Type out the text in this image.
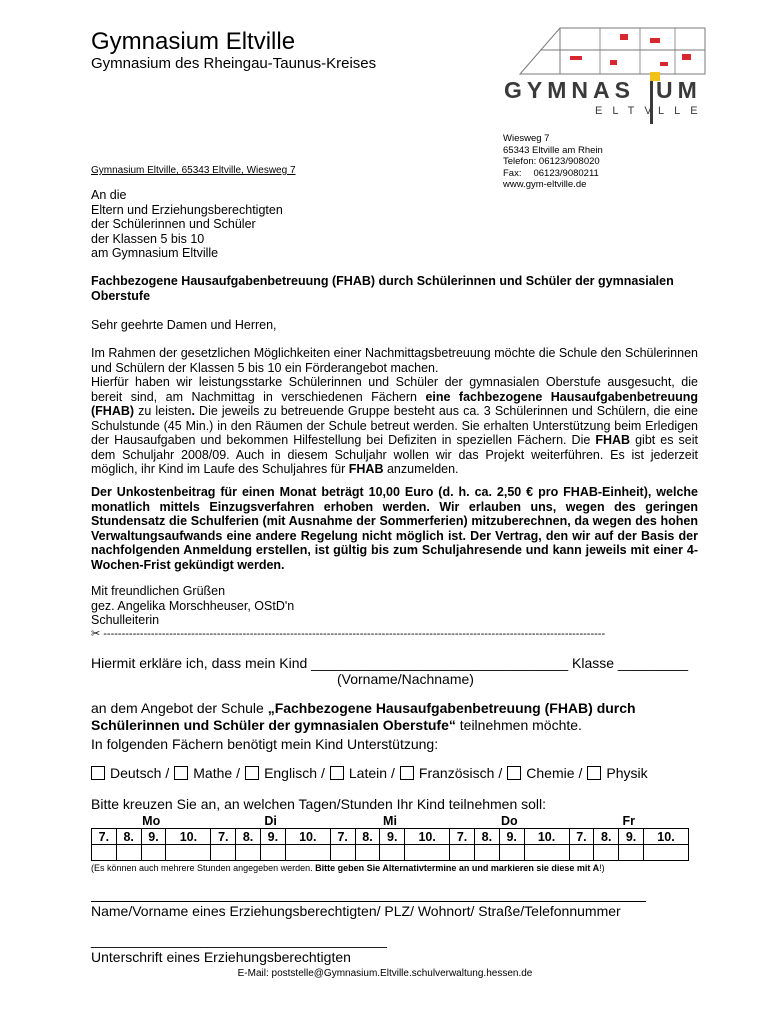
Gymnasium Eltville
Gymnasium des Rheingau-Taunus-Kreises
GYMNAS UM
ELTV
LLE
Gymnasium Eltville, 65343 Eltville, Wiesweg 7
Wiesweg 7
65343 Eltville am Rhein
Telefon: 06123/908020
Fax: 06123/9080211
www.gym-eltville.de
An die
Eltern und Erziehungsberechtigten
der Schülerinnen und Schüler
der Klassen 5 bis 10
am Gymnasium Eltville
Fachbezogene Hausaufgabenbetreuung (FHAB) durch Schülerinnen und Schüler der gymnasialen Oberstufe
Sehr geehrte Damen und Herren,

Im Rahmen der gesetzlichen Möglichkeiten einer Nachmittagsbetreuung möchte die Schule den Schülerinnen und Schülern der Klassen 5 bis 10 ein Förderangebot machen.

Hierfür haben wir leistungsstarke Schülerinnen und Schüler der gymnasialen Oberstufe ausgesucht, die bereit sind, am Nachmittag in verschiedenen Fächern eine fachbezogene Hausaufgabenbetreuung (FHAB) zu leisten. Die jeweils zu betreuende Gruppe besteht aus ca. 3 Schülerinnen und Schülern, die eine Schulstunde (45 Min.) in den Räumen der Schule betreut werden. Sie erhalten Unterstützung beim Erledigen der Hausaufgaben und bekommen Hilfestellung bei Defiziten in speziellen Fächern. Die FHAB gibt es seit dem Schuljahr 2008/09. Auch in diesem Schuljahr wollen wir das Projekt weiterführen. Es ist jederzeit möglich, ihr Kind im Laufe des Schuljahres für FHAB anzumelden.

Der Unkostenbeitrag für einen Monat beträgt 10,00 Euro (d. h. ca. 2,50 € pro FHAB-Einheit), welche monatlich mittels Einzugsverfahren erhoben werden. Wir erlauben uns, wegen des geringen Stundensatz die Schulferien (mit Ausnahme der Sommerferien) mitzuberechnen, da wegen des hohen Verwaltungsaufwands eine andere Regelung nicht möglich ist. Der Vertrag, den wir auf der Basis der nachfolgenden Anmeldung erstellen, ist gültig bis zum Schuljahresende und kann jeweils mit einer 4-Wochen-Frist gekündigt werden.
Mit freundlichen Grüßen
gez. Angelika Morschheuser, OStD'n
Schulleiterin
✂ -----------------------------------------------------------------------------------------------------------------------------------------
Hiermit erkläre ich, dass mein Kind _________________________________ Klasse _________
(Vorname/Nachname)
an dem Angebot der Schule „Fachbezogene Hausaufgabenbetreuung (FHAB) durch Schülerinnen und Schüler der gymnasialen Oberstufe“ teilnehmen möchte.
In folgenden Fächern benötigt mein Kind Unterstützung:
Deutsch / Mathe / Englisch / Latein / Französisch / Chemie / Physik
Bitte kreuzen Sie an, an welchen Tagen/Stunden Ihr Kind teilnehmen soll:
Mo				Di				Mi				Do				Fr			
7.	8.	9.	10.	7.	8.	9.	10.	7.	8.	9.	10.	7.	8.	9.	10.	7.	8.	9.	10.

(Es können auch mehrere Stunden angegeben werden. Bitte geben Sie Alternativtermine an und markieren sie diese mit A!)
Name/Vorname eines Erziehungsberechtigten/ PLZ/ Wohnort/ Straße/Telefonnummer
______________________________________
Unterschrift eines Erziehungsberechtigten
E-Mail: poststelle@Gymnasium.Eltville.schulverwaltung.hessen.de
